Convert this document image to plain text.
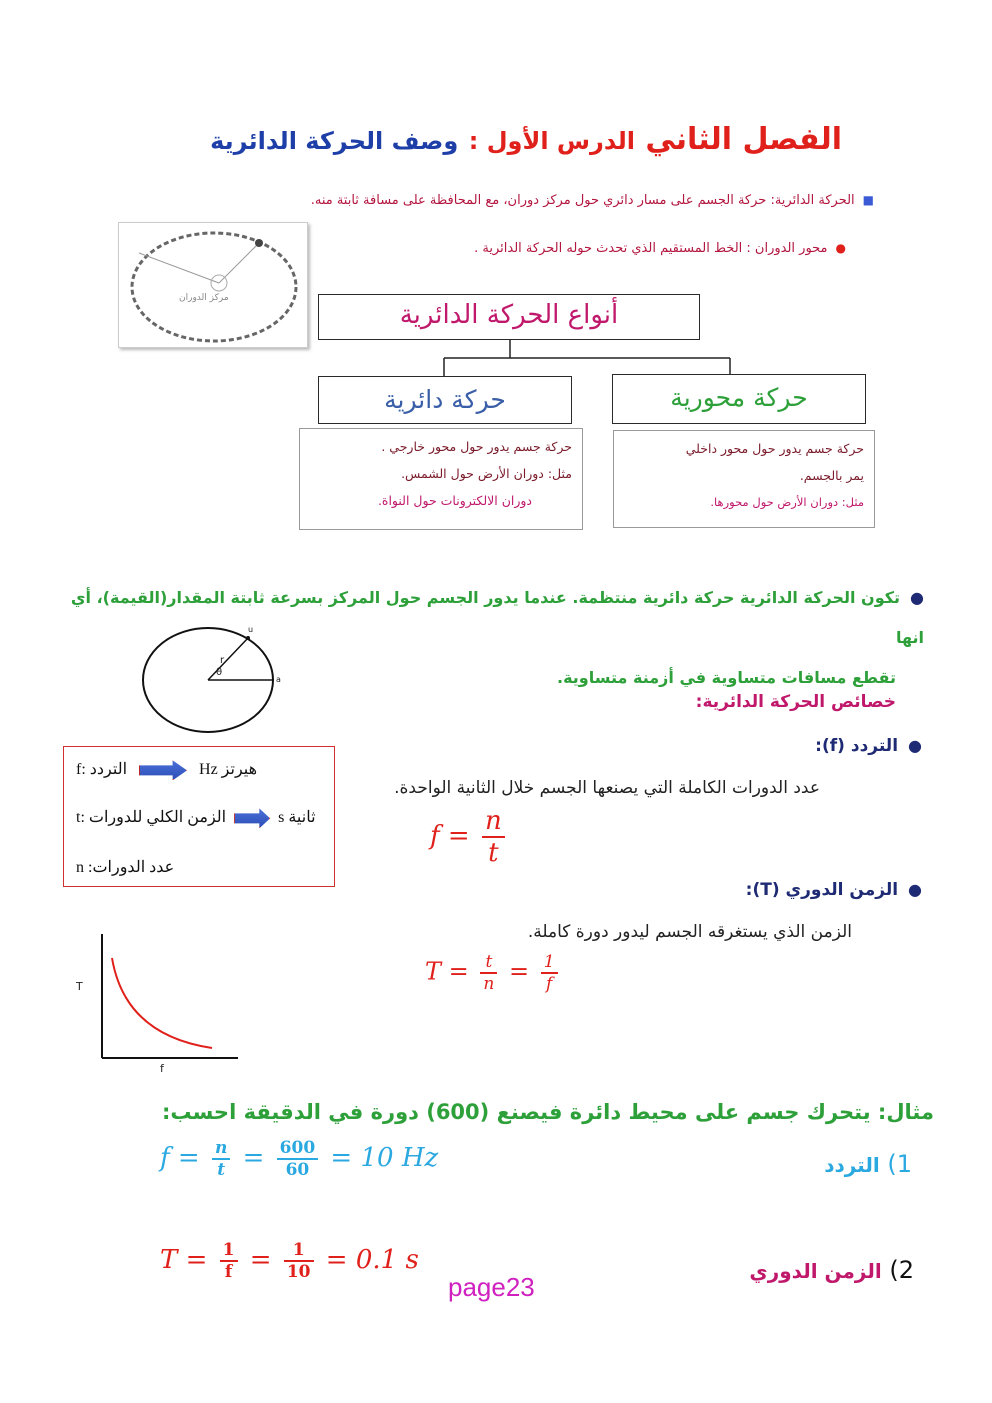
الفصل الثاني الدرس الأول : وصف الحركة الدائرية
■الحركة الدائرية: حركة الجسم على مسار دائري حول مركز دوران، مع المحافظة على مسافة ثابتة منه.
●محور الدوران : الخط المستقيم الذي تحدث حوله الحركة الدائرية .
مركز الدوران
أنواع الحركة الدائرية
حركة دائرية	حركة محورية
حركة جسم يدور حول محور خارجي .
مثل: دوران الأرض حول الشمس.
دوران الالكترونات حول النواة.
حركة جسم يدور حول محور داخلي
يمر بالجسم.
مثل: دوران الأرض حول محورها.
●تكون الحركة الدائرية حركة دائرية منتظمة. عندما يدور الجسم حول المركز بسرعة ثابتة المقدار(القيمة)، أي انها
تقطع مسافات متساوية في أزمنة متساوية.
r
θ
a
u
خصائص الحركة الدائرية:
●التردد (f):
عدد الدورات الكاملة التي يصنعها الجسم خلال الثانية الواحدة.
$f = \frac{n}{t}$
f: التردد	Hz هيرتز
t: الزمن الكلي للدورات	s ثانية
n :عدد الدورات
●الزمن الدوري (T):
الزمن الذي يستغرقه الجسم ليدور دورة كاملة.
$T = \frac{t}{n} = \frac{1}{f}$
T
f
مثال: يتحرك جسم على محيط دائرة فيصنع (600) دورة في الدقيقة احسب:
1) التردد
$f = \frac{n}{t} = \frac{600}{60} = 10$ Hz
2) الزمن الدوري
$T = \frac{1}{f} = \frac{1}{10} = 0.1$ s
page23
